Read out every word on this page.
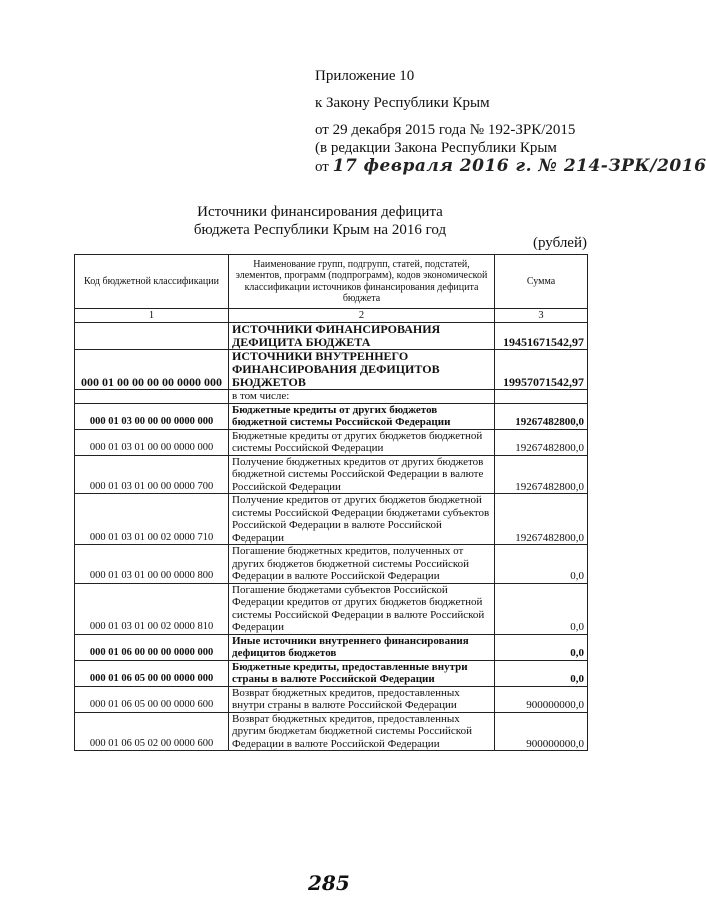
Приложение 10
к Закону Республики Крым
от 29 декабря 2015 года № 192-ЗРК/2015
(в редакции Закона Республики Крым
от 17 февраля 2016 г. № 214-ЗРК/2016
Источники финансирования дефицита
бюджета Республики Крым на 2016 год
(рублей)
Код бюджетной классификации	Наименование групп, подгрупп, статей, подстатей, элементов, программ (подпрограмм), кодов экономической классификации источников финансирования дефицита бюджета	Сумма
1	2	3
	ИСТОЧНИКИ ФИНАНСИРОВАНИЯ ДЕФИЦИТА БЮДЖЕТА	19451671542,97
000 01 00 00 00 00 0000 000	ИСТОЧНИКИ ВНУТРЕННЕГО ФИНАНСИРОВАНИЯ ДЕФИЦИТОВ БЮДЖЕТОВ	19957071542,97
	в том числе:	
000 01 03 00 00 00 0000 000	Бюджетные кредиты от других бюджетов бюджетной системы Российской Федерации	19267482800,0
000 01 03 01 00 00 0000 000	Бюджетные кредиты от других бюджетов бюджетной системы Российской Федерации	19267482800,0
000 01 03 01 00 00 0000 700	Получение бюджетных кредитов от других бюджетов бюджетной системы Российской Федерации в валюте Российской Федерации	19267482800,0
000 01 03 01 00 02 0000 710	Получение кредитов от других бюджетов бюджетной системы Российской Федерации бюджетами субъектов Российской Федерации в валюте Российской Федерации	19267482800,0
000 01 03 01 00 00 0000 800	Погашение бюджетных кредитов, полученных от других бюджетов бюджетной системы Российской Федерации в валюте Российской Федерации	0,0
000 01 03 01 00 02 0000 810	Погашение бюджетами субъектов Российской Федерации кредитов от других бюджетов бюджетной системы Российской Федерации в валюте Российской Федерации	0,0
000 01 06 00 00 00 0000 000	Иные источники внутреннего финансирования дефицитов бюджетов	0,0
000 01 06 05 00 00 0000 000	Бюджетные кредиты, предоставленные внутри страны в валюте Российской Федерации	0,0
000 01 06 05 00 00 0000 600	Возврат бюджетных кредитов, предоставленных внутри страны в валюте Российской Федерации	900000000,0
000 01 06 05 02 00 0000 600	Возврат бюджетных кредитов, предоставленных другим бюджетам бюджетной системы Российской Федерации в валюте Российской Федерации	900000000,0
285
